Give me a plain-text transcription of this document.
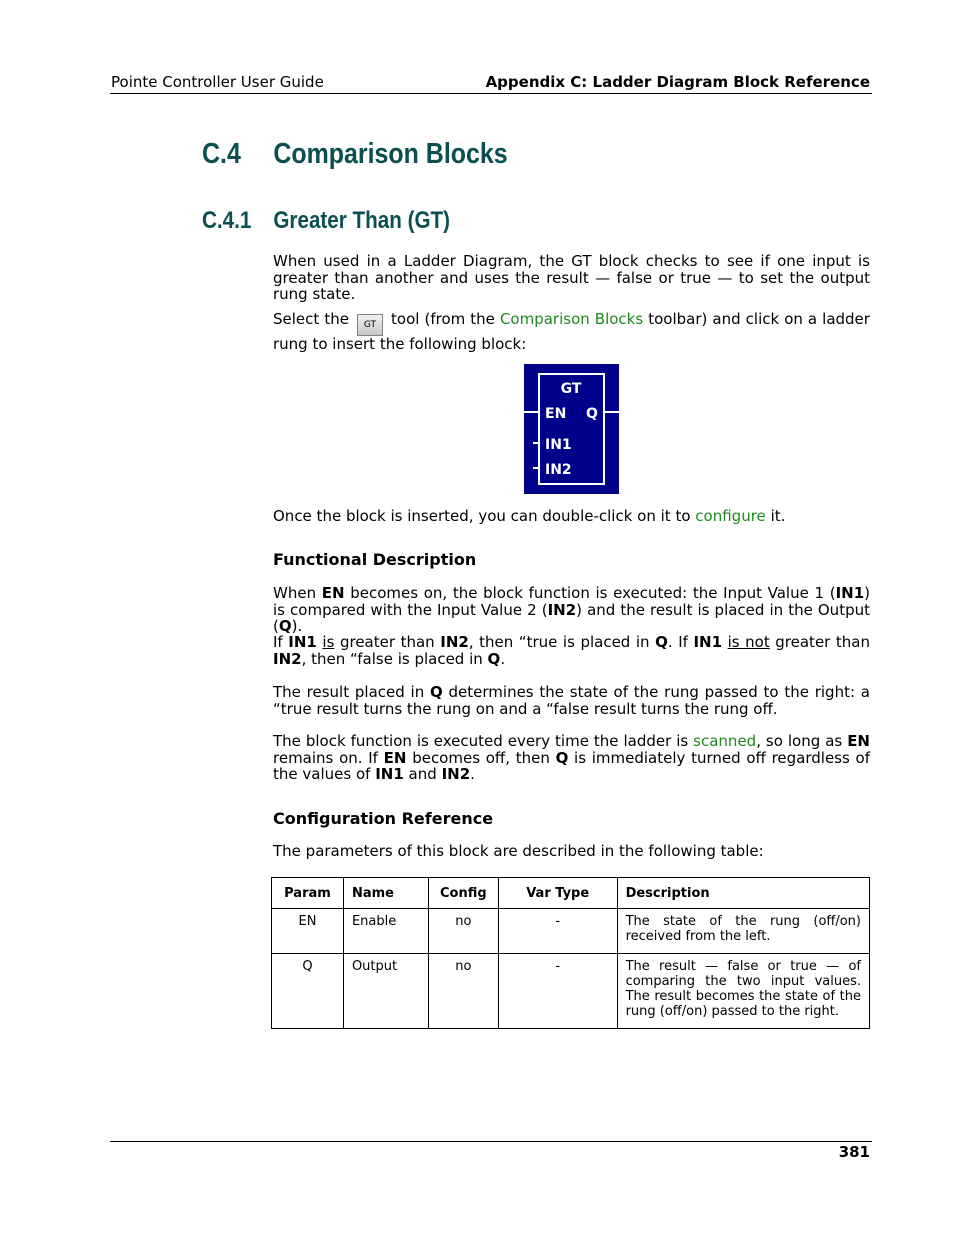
Pointe Controller User Guide	Appendix C: Ladder Diagram Block Reference
C.4 Comparison Blocks
C.4.1 Greater Than (GT)

When used in a Ladder Diagram, the GT block checks to see if one input is greater than another and uses the result — false or true — to set the output rung state.

Select the GT tool (from the Comparison Blocks toolbar) and click on a ladder rung to insert the following block:

GT
EN Q
IN1
IN2

Once the block is inserted, you can double-click on it to configure it.

Functional Description

When EN becomes on, the block function is executed: the Input Value 1 (IN1) is compared with the Input Value 2 (IN2) and the result is placed in the Output (Q).

If IN1 is greater than IN2, then “true is placed in Q. If IN1 is not greater than IN2, then “false is placed in Q.

The result placed in Q determines the state of the rung passed to the right: a “true result turns the rung on and a “false result turns the rung off.

The block function is executed every time the ladder is scanned, so long as EN remains on. If EN becomes off, then Q is immediately turned off regardless of the values of IN1 and IN2.

Configuration Reference

The parameters of this block are described in the following table:

Param	Name	Config	Var Type	Description
EN	Enable	no	-	The state of the rung (off/on) received from the left.
Q	Output	no	-	The result — false or true — of comparing the two input values. The result becomes the state of the rung (off/on) passed to the right.
381
